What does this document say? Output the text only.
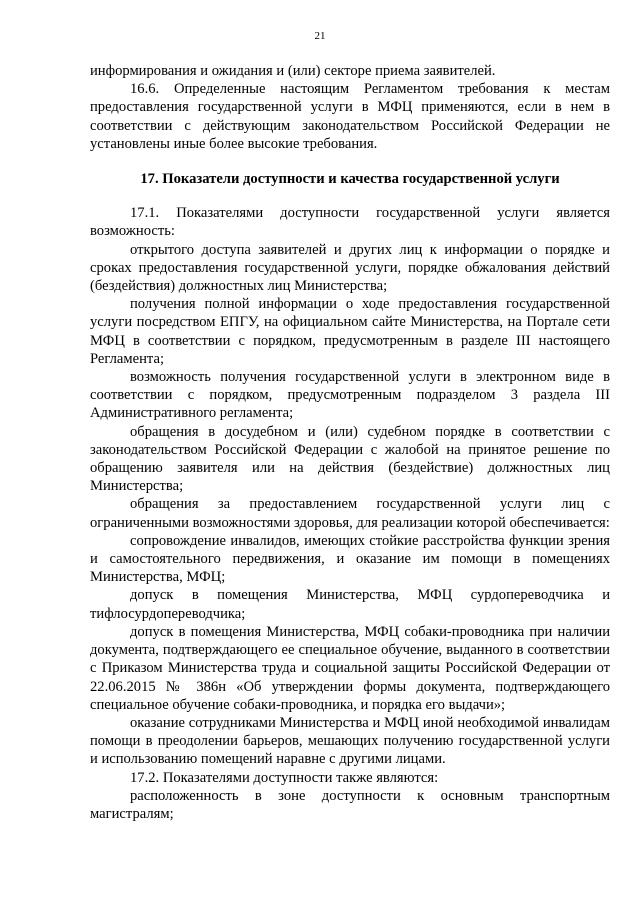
21

информирования и ожидания и (или) секторе приема заявителей.

16.6. Определенные настоящим Регламентом требования к местам предоставления государственной услуги в МФЦ применяются, если в нем в соответствии с действующим законодательством Российской Федерации не установлены иные более высокие требования.

17. Показатели доступности и качества государственной услуги

17.1. Показателями доступности государственной услуги является возможность:

открытого доступа заявителей и других лиц к информации о порядке и сроках предоставления государственной услуги, порядке обжалования действий (бездействия) должностных лиц Министерства;

получения полной информации о ходе предоставления государственной услуги посредством ЕПГУ, на официальном сайте Министерства, на Портале сети МФЦ в соответствии с порядком, предусмотренным в разделе III настоящего Регламента;

возможность получения государственной услуги в электронном виде в соответствии с порядком, предусмотренным подразделом 3 раздела III Административного регламента;

обращения в досудебном и (или) судебном порядке в соответствии с законодательством Российской Федерации с жалобой на принятое решение по обращению заявителя или на действия (бездействие) должностных лиц Министерства;

обращения за предоставлением государственной услуги лиц с ограниченными возможностями здоровья, для реализации которой обеспечивается:

сопровождение инвалидов, имеющих стойкие расстройства функции зрения и самостоятельного передвижения, и оказание им помощи в помещениях Министерства, МФЦ;

допуск в помещения Министерства, МФЦ сурдопереводчика и тифлосурдопереводчика;

допуск в помещения Министерства, МФЦ собаки-проводника при наличии документа, подтверждающего ее специальное обучение, выданного в соответствии с Приказом Министерства труда и социальной защиты Российской Федерации от 22.06.2015 № 386н «Об утверждении формы документа, подтверждающего специальное обучение собаки-проводника, и порядка его выдачи»;

оказание сотрудниками Министерства и МФЦ иной необходимой инвалидам помощи в преодолении барьеров, мешающих получению государственной услуги и использованию помещений наравне с другими лицами.

17.2. Показателями доступности также являются:

расположенность в зоне доступности к основным транспортным магистралям;
